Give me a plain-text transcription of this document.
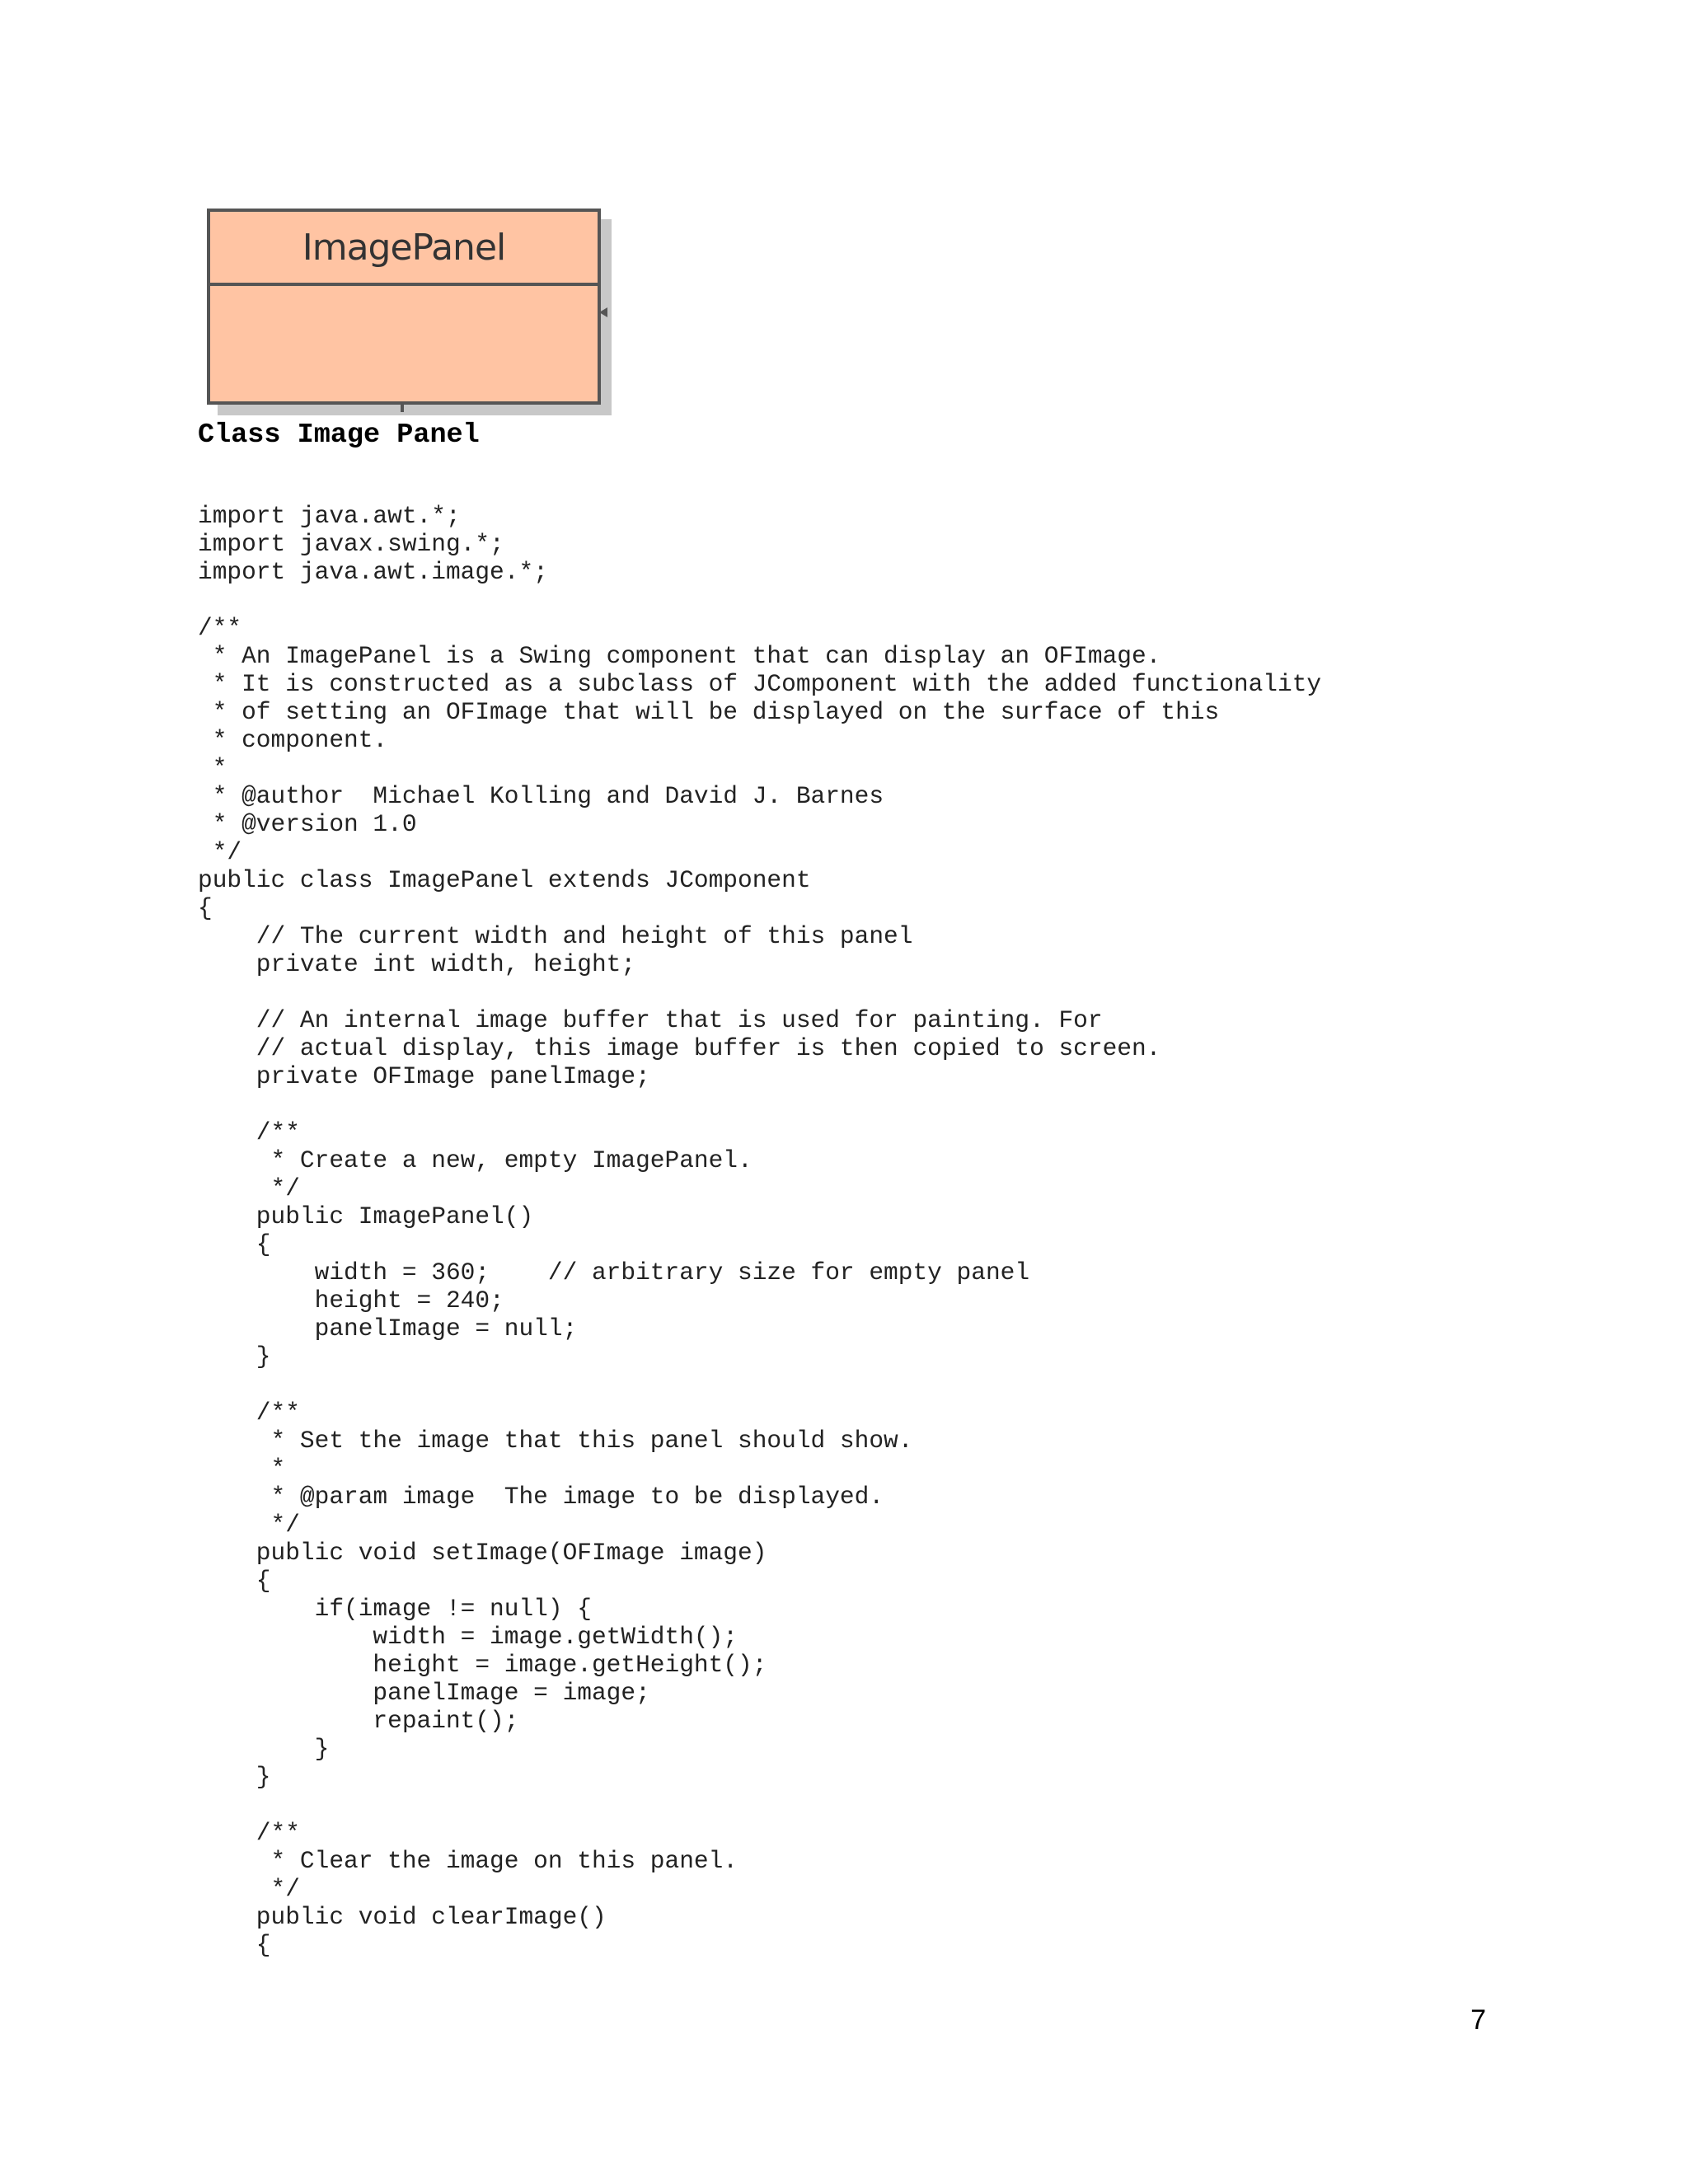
ImagePanel
Class Image Panel
import java.awt.*;
import javax.swing.*;
import java.awt.image.*;

/**
* An ImagePanel is a Swing component that can display an OFImage.
* It is constructed as a subclass of JComponent with the added functionality
* of setting an OFImage that will be displayed on the surface of this
* component.
*
* @author  Michael Kolling and David J. Barnes
* @version 1.0
*/
public class ImagePanel extends JComponent
{
// The current width and height of this panel
private int width, height;

// An internal image buffer that is used for painting. For
// actual display, this image buffer is then copied to screen.
private OFImage panelImage;

/**
* Create a new, empty ImagePanel.
*/
public ImagePanel()
{
width = 360;    // arbitrary size for empty panel
height = 240;
panelImage = null;
}

/**
* Set the image that this panel should show.
*
* @param image  The image to be displayed.
*/
public void setImage(OFImage image)
{
if(image != null) {
width = image.getWidth();
height = image.getHeight();
panelImage = image;
repaint();
}
}

/**
* Clear the image on this panel.
*/
public void clearImage()
{
7
